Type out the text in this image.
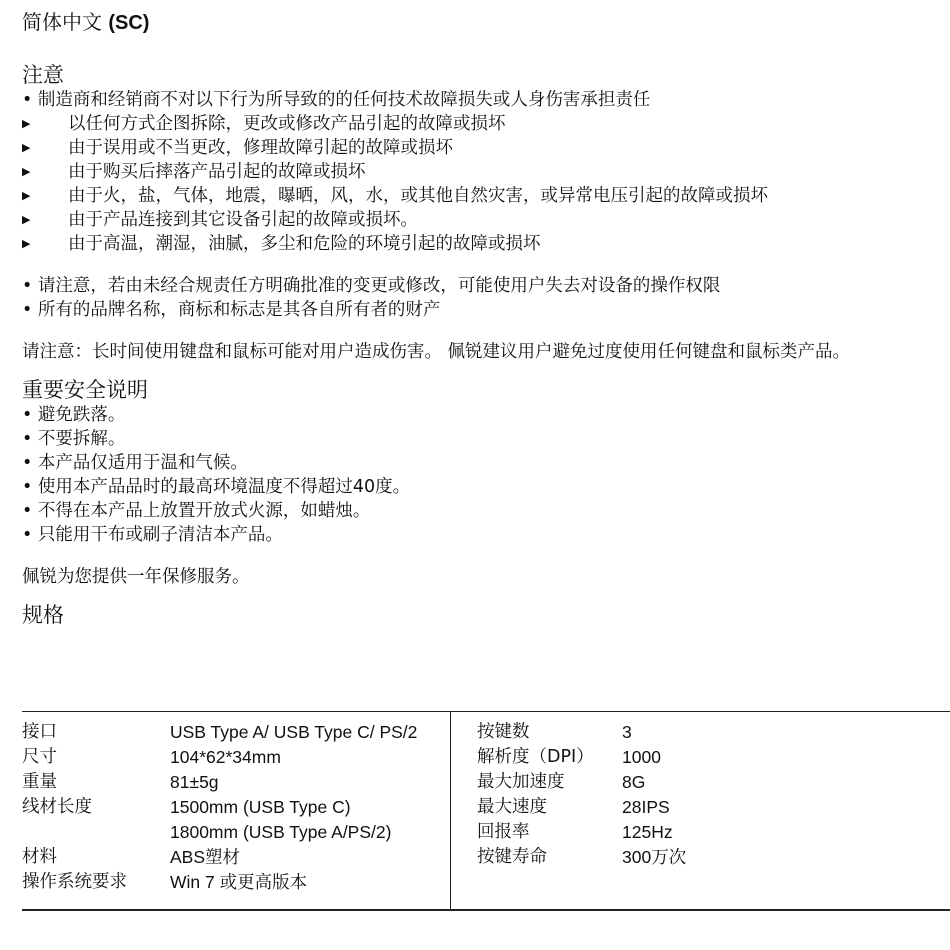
简体中文 (SC)
注意

• 制造商和经销商不对以下行为所导致的的任何技术故障损失或人身伤害承担责任

▶	以任何方式企图拆除，更改或修改产品引起的故障或损坏
▶	由于误用或不当更改，修理故障引起的故障或损坏
▶	由于购买后摔落产品引起的故障或损坏
▶	由于火，盐，气体，地震，曝晒，风，水，或其他自然灾害，或异常电压引起的故障或损坏
▶	由于产品连接到其它设备引起的故障或损坏。
▶	由于高温，潮湿，油腻，多尘和危险的环境引起的故障或损坏

• 请注意，若由未经合规责任方明确批准的变更或修改，可能使用户失去对设备的操作权限

• 所有的品牌名称，商标和标志是其各自所有者的财产

请注意：长时间使用键盘和鼠标可能对用户造成伤害。 佩锐建议用户避免过度使用任何键盘和鼠标类产品。

重要安全说明

• 避免跌落。

• 不要拆解。

• 本产品仅适用于温和气候。

• 使用本产品品时的最高环境温度不得超过40度。

• 不得在本产品上放置开放式火源，如蜡烛。

• 只能用干布或刷子清洁本产品。

佩锐为您提供一年保修服务。

规格
接口	USB Type A/ USB Type C/ PS/2
尺寸	104*62*34mm
重量	81±5g
线材长度	1500mm (USB Type C)
1800mm (USB Type A/PS/2)
材料	ABS塑材
操作系统要求	Win 7 或更高版本
按键数	3
解析度（DPI）	1000
最大加速度	8G
最大速度	28IPS
回报率	125Hz
按键寿命	300万次
